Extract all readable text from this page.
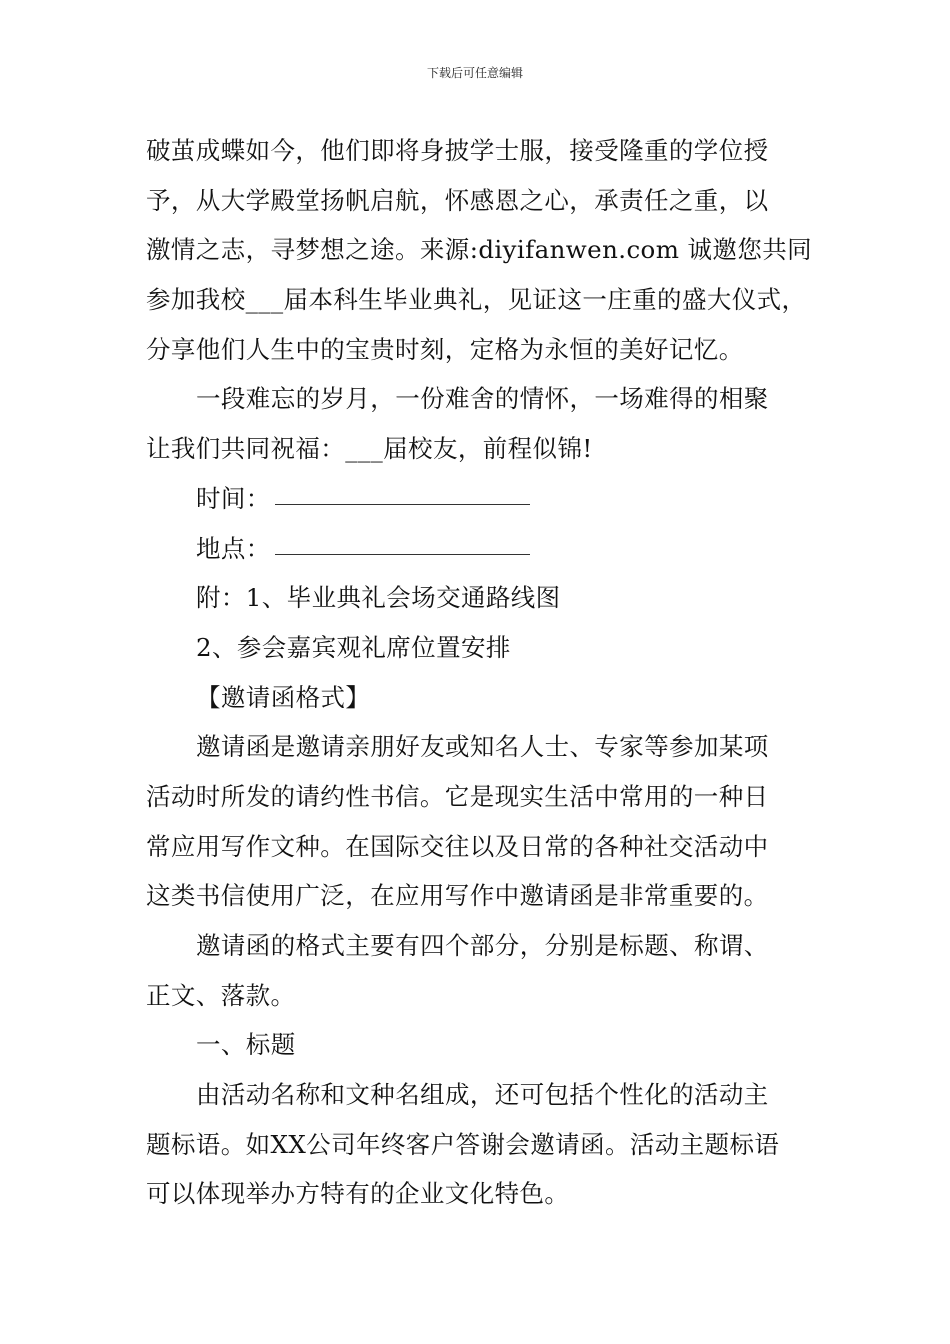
下载后可任意编辑
破茧成蝶如今，他们即将身披学士服，接受隆重的学位授
予，从大学殿堂扬帆启航，怀感恩之心，承责任之重，以
激情之志，寻梦想之途。来源:diyifanwen.com 诚邀您共同
参加我校___届本科生毕业典礼，见证这一庄重的盛大仪式，
分享他们人生中的宝贵时刻，定格为永恒的美好记忆。
一段难忘的岁月，一份难舍的情怀，一场难得的相聚
让我们共同祝福：___届校友，前程似锦!
时间：
地点：
附：1、毕业典礼会场交通路线图
2、参会嘉宾观礼席位置安排
【邀请函格式】
邀请函是邀请亲朋好友或知名人士、专家等参加某项
活动时所发的请约性书信。它是现实生活中常用的一种日
常应用写作文种。在国际交往以及日常的各种社交活动中
这类书信使用广泛，在应用写作中邀请函是非常重要的。
邀请函的格式主要有四个部分，分别是标题、称谓、
正文、落款。
一、标题
由活动名称和文种名组成，还可包括个性化的活动主
题标语。如XX公司年终客户答谢会邀请函。活动主题标语
可以体现举办方特有的企业文化特色。
